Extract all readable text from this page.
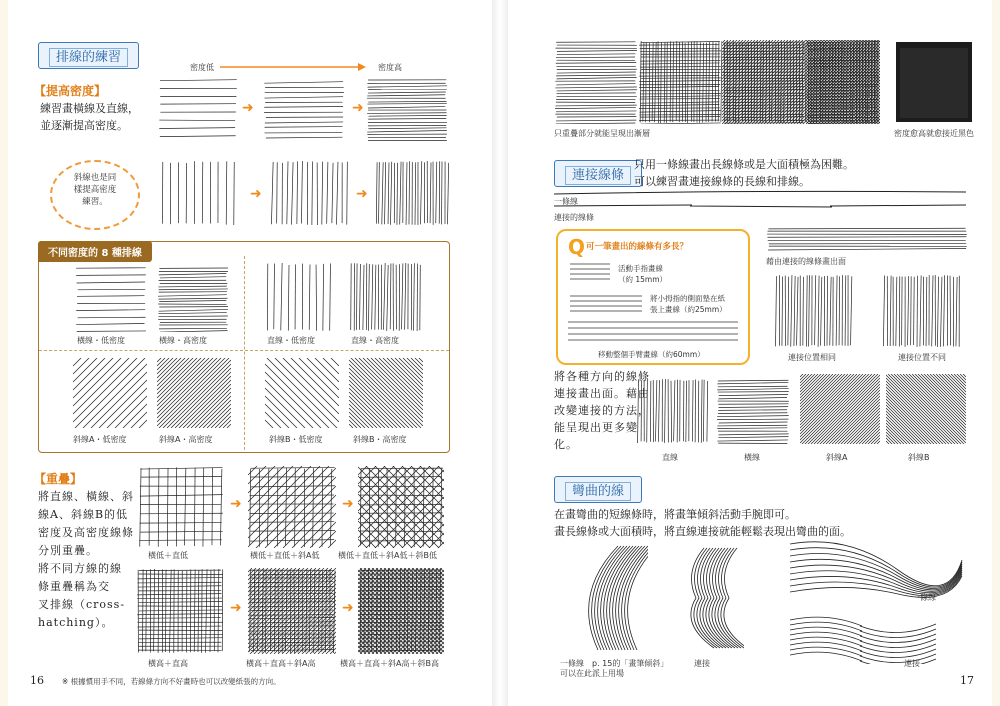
排線的練習
密度低	密度高
【提高密度】
練習畫橫線及直線，
並逐漸提高密度。
➜	➜
斜線也是同
樣提高密度
練習。	➜	➜
不同密度的 8 種排線
橫線・低密度	橫線・高密度	直線・低密度	直線・高密度
斜線A・低密度	斜線A・高密度	斜線B・低密度	斜線B・高密度
【重疊】
將直線、橫線、斜
線A、斜線B的低
密度及高密度線條
分別重疊。
將不同方線的線
條重疊稱為交
叉排線（cross-
hatching）。
➜	➜
橫低＋直低	橫低＋直低＋斜A低 橫低＋直低＋斜A低＋斜B低
➜	➜
橫高＋直高	橫高＋直高＋斜A高	橫高＋直高＋斜A高＋斜B高
16 ※ 根據慣用手不同，若線條方向不好畫時也可以改變紙張的方向。
只重疊部分就能呈現出漸層	密度愈高就愈接近黑色
連接線條
只用一條線畫出長線條或是大面積極為困難。
可以練習畫連接線條的長線和排線。
一條線
連接的線條
Q 可一筆畫出的線條有多長？
活動手指畫線
（約 15mm）
將小拇指的側面墊在紙
張上畫線（約25mm）
移動整個手臂畫線（約60mm）
藉由連接的線條畫出面
連接位置相同	連接位置不同
將各種方向的線條
連接畫出面。藉由
改變連接的方法，
能呈現出更多變
化。
直線	橫線	斜線A	斜線B
彎曲的線
在畫彎曲的短線條時，將畫筆傾斜活動手腕即可。
畫長線條或大面積時，將直線連接就能輕鬆表現出彎曲的面。
一條線　p. 15的「畫筆傾斜」
可以在此派上用場
連接
一條線
連接
17
